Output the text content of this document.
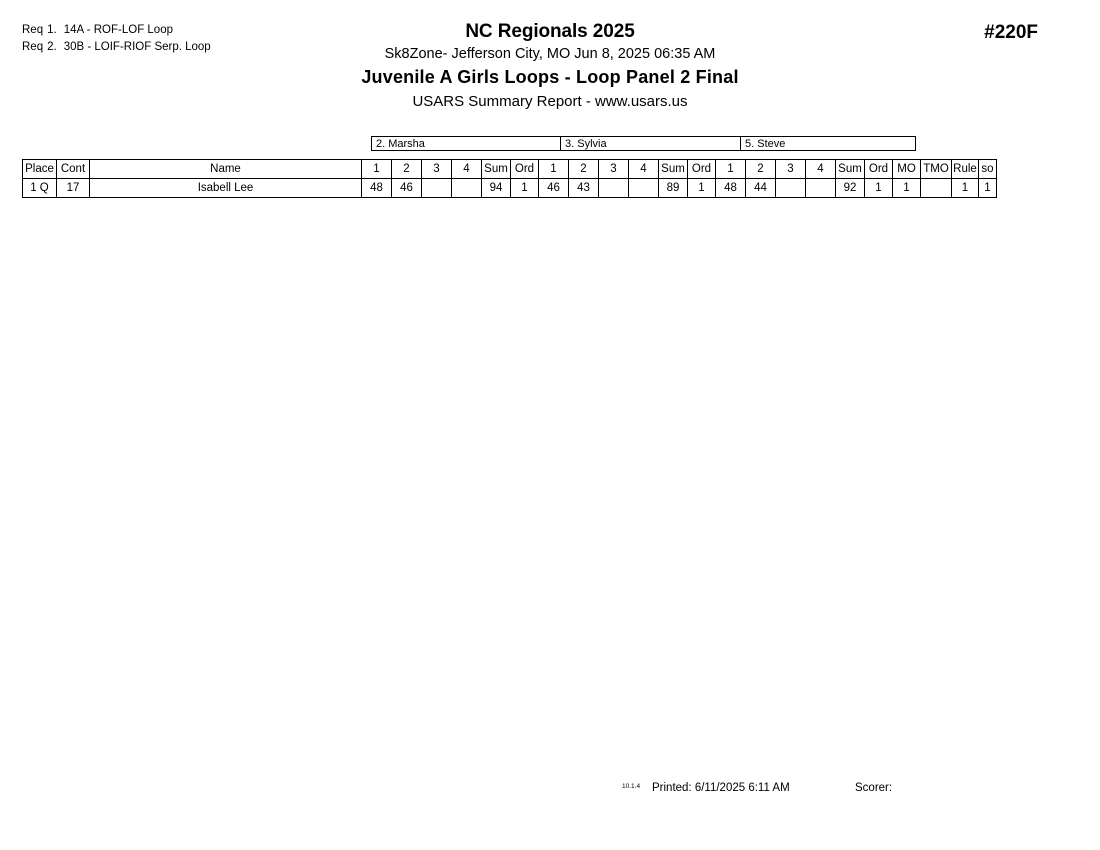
Req 1. 14A - ROF-LOF Loop
Req 2. 30B - LOIF-RIOF Serp. Loop
NC Regionals 2025
Sk8Zone- Jefferson City, MO Jun 8, 2025 06:35 AM
Juvenile A Girls Loops - Loop Panel 2 Final
USARS Summary Report - www.usars.us
#220F
2. Marsha	3. Sylvia	5. Steve
Place	Cont	Name	1	2	3	4	Sum	Ord	1	2	3	4	Sum	Ord	1	2	3	4	Sum	Ord	MO	TMO	Rule	so
1 Q	17	Isabell Lee	48	46			94	1	46	43			89	1	48	44			92	1	1		1	1
10.1.4 Printed: 6/11/2025 6:11 AM	Scorer:
